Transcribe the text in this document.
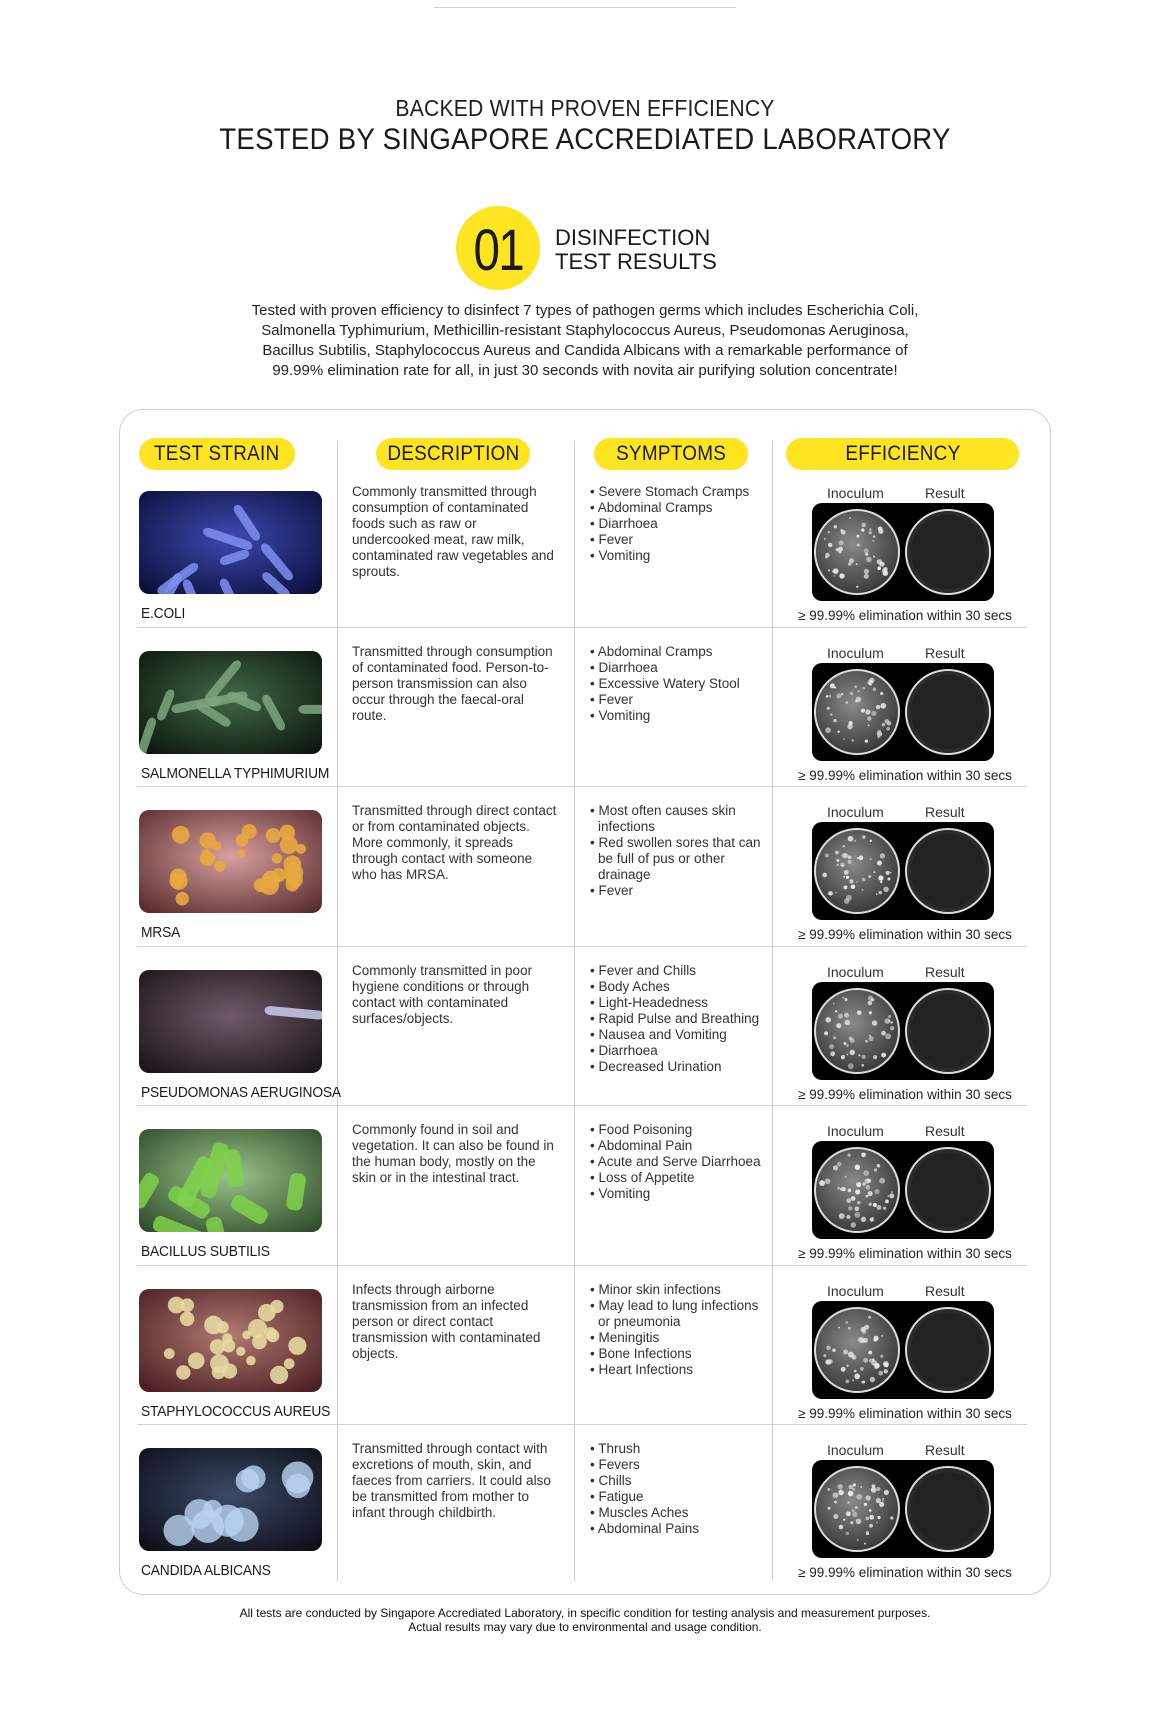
BACKED WITH PROVEN EFFICIENCY
TESTED BY SINGAPORE ACCREDIATED LABORATORY
01 DISINFECTION
TEST RESULTS
Tested with proven efficiency to disinfect 7 types of pathogen germs which includes Escherichia Coli,
Salmonella Typhimurium, Methicillin-resistant Staphylococcus Aureus, Pseudomonas Aeruginosa,
Bacillus Subtilis, Staphylococcus Aureus and Candida Albicans with a remarkable performance of
99.99% elimination rate for all, in just 30 seconds with novita air purifying solution concentrate!
TEST STRAIN	DESCRIPTION	SYMPTOMS	EFFICIENCY
E.COLI
Commonly transmitted through consumption of contaminated foods such as raw or undercooked meat, raw milk, contaminated raw vegetables and sprouts.
• Severe Stomach Cramps
• Abdominal Cramps
• Diarrhoea
• Fever
• Vomiting
Inoculum	Result
≥ 99.99% elimination within 30 secs
SALMONELLA TYPHIMURIUM
Transmitted through consumption of contaminated food. Person-to-person transmission can also occur through the faecal-oral route.
• Abdominal Cramps
• Diarrhoea
• Excessive Watery Stool
• Fever
• Vomiting
Inoculum	Result
≥ 99.99% elimination within 30 secs
MRSA
Transmitted through direct contact or from contaminated objects. More commonly, it spreads through contact with someone who has MRSA.
• Most often causes skin infections
• Red swollen sores that can be full of pus or other drainage
• Fever
Inoculum	Result
≥ 99.99% elimination within 30 secs
PSEUDOMONAS AERUGINOSA
Commonly transmitted in poor hygiene conditions or through contact with contaminated surfaces/objects.
• Fever and Chills
• Body Aches
• Light-Headedness
• Rapid Pulse and Breathing
• Nausea and Vomiting
• Diarrhoea
• Decreased Urination
Inoculum	Result
≥ 99.99% elimination within 30 secs
BACILLUS SUBTILIS
Commonly found in soil and vegetation. It can also be found in the human body, mostly on the skin or in the intestinal tract.
• Food Poisoning
• Abdominal Pain
• Acute and Serve Diarrhoea
• Loss of Appetite
• Vomiting
Inoculum	Result
≥ 99.99% elimination within 30 secs
STAPHYLOCOCCUS AUREUS
Infects through airborne transmission from an infected person or direct contact transmission with contaminated objects.
• Minor skin infections
• May lead to lung infections or pneumonia
• Meningitis
• Bone Infections
• Heart Infections
Inoculum	Result
≥ 99.99% elimination within 30 secs
CANDIDA ALBICANS
Transmitted through contact with excretions of mouth, skin, and faeces from carriers. It could also be transmitted from mother to infant through childbirth.
• Thrush
• Fevers
• Chills
• Fatigue
• Muscles Aches
• Abdominal Pains
Inoculum	Result
≥ 99.99% elimination within 30 secs
All tests are conducted by Singapore Accrediated Laboratory, in specific condition for testing analysis and measurement purposes.
Actual results may vary due to environmental and usage condition.
